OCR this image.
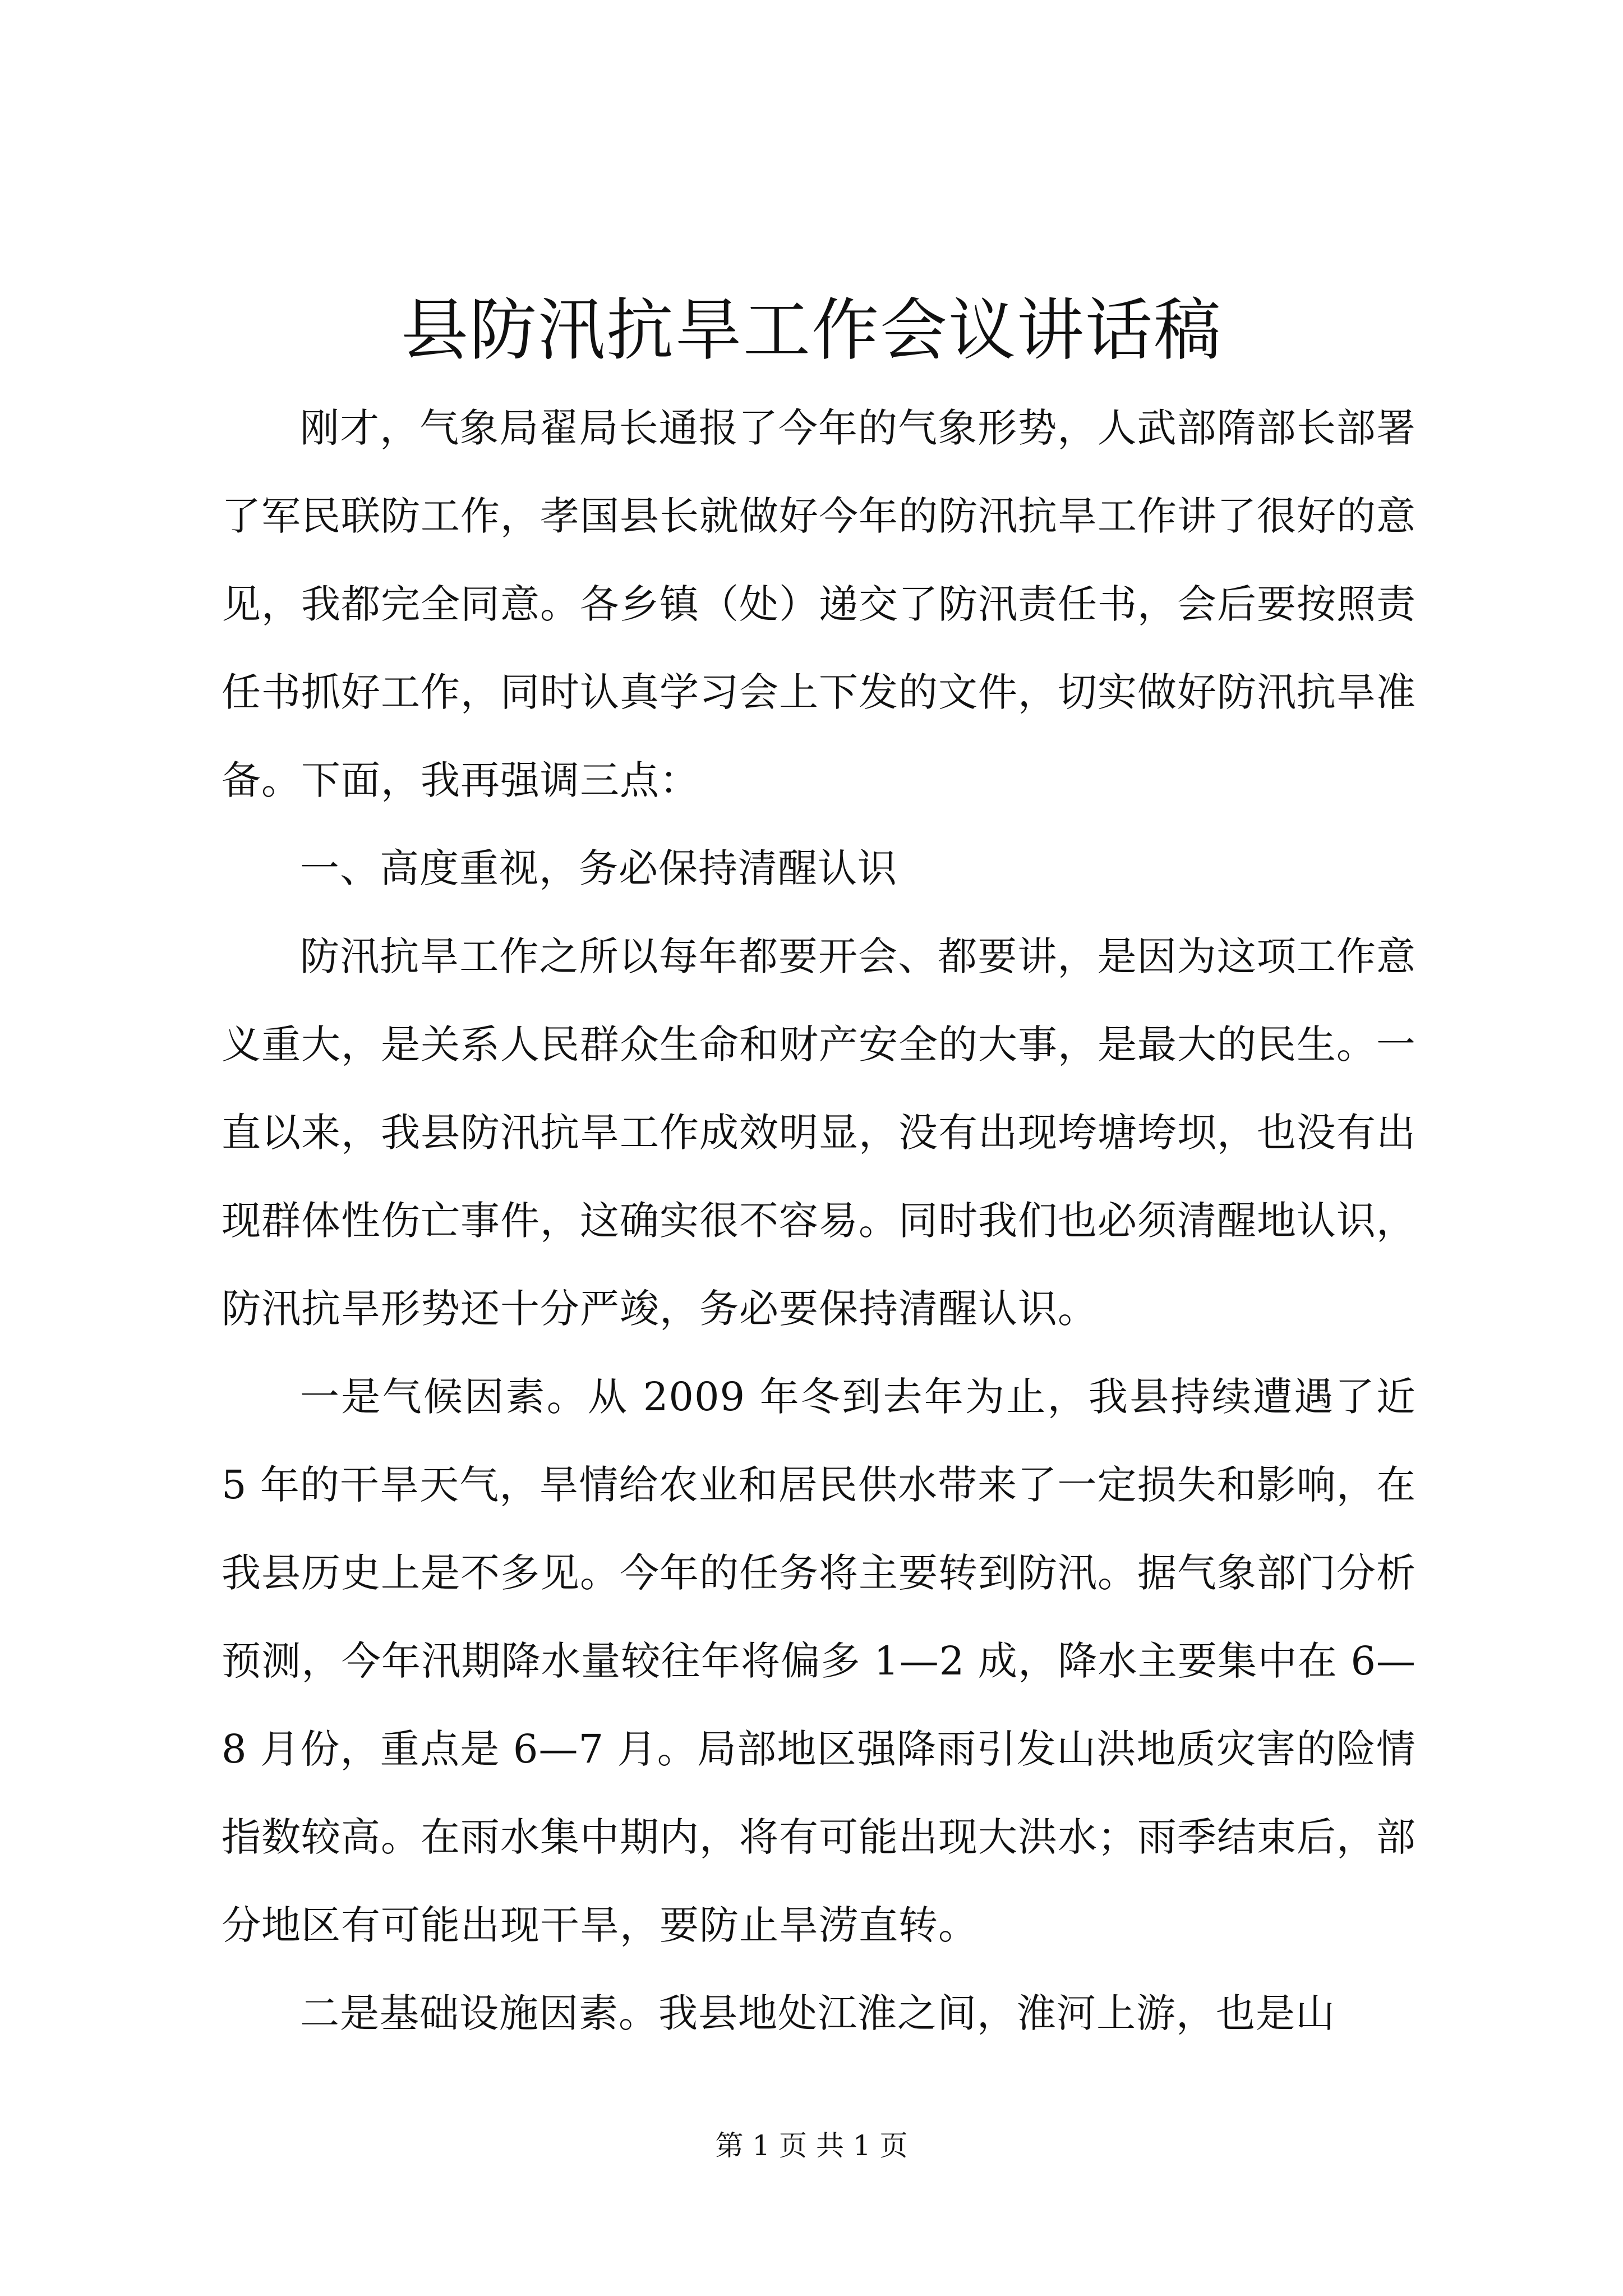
县防汛抗旱工作会议讲话稿

刚才，气象局翟局长通报了今年的气象形势，人武部隋部长部署了军民联防工作，孝国县长就做好今年的防汛抗旱工作讲了很好的意见，我都完全同意。各乡镇（处）递交了防汛责任书，会后要按照责任书抓好工作，同时认真学习会上下发的文件，切实做好防汛抗旱准备。下面，我再强调三点：

一、高度重视，务必保持清醒认识

防汛抗旱工作之所以每年都要开会、都要讲，是因为这项工作意义重大，是关系人民群众生命和财产安全的大事，是最大的民生。一直以来，我县防汛抗旱工作成效明显，没有出现垮塘垮坝，也没有出现群体性伤亡事件，这确实很不容易。同时我们也必须清醒地认识，防汛抗旱形势还十分严竣，务必要保持清醒认识。

一是气候因素。从 2009 年冬到去年为止，我县持续遭遇了近 5 年的干旱天气，旱情给农业和居民供水带来了一定损失和影响，在我县历史上是不多见。今年的任务将主要转到防汛。据气象部门分析预测，今年汛期降水量较往年将偏多 1—2 成，降水主要集中在 6—8 月份，重点是 6—7 月。局部地区强降雨引发山洪地质灾害的险情指数较高。在雨水集中期内，将有可能出现大洪水；雨季结束后，部分地区有可能出现干旱，要防止旱涝直转。

二是基础设施因素。我县地处江淮之间，淮河上游，也是山

第 1 页 共 1 页
